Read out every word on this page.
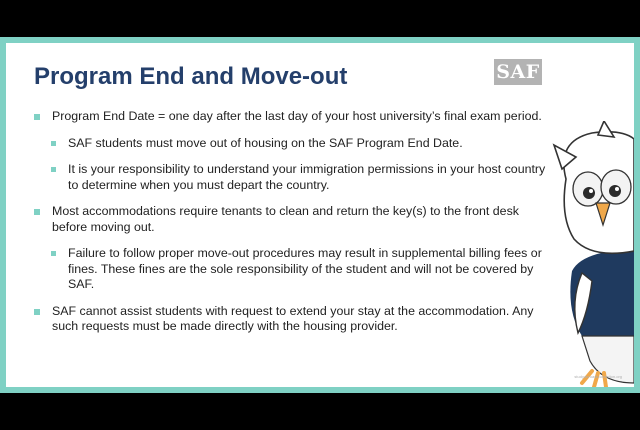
Program End and Move-out	SAF
Program End Date = one day after the last day of your host university’s final exam period.
SAF students must move out of housing on the SAF Program End Date.
It is your responsibility to understand your immigration permissions in your host country to determine when you must depart the country.
Most accommodations require tenants to clean and return the key(s) to the front desk before moving out.
Failure to follow proper move-out procedures may result in supplemental billing fees or fines. These fines are the sole responsibility of the student and will not be covered by SAF.
SAF cannot assist students with request to extend your stay at the accommodation. Any such requests must be made directly with the housing provider.
studyabroadfoundation.org
